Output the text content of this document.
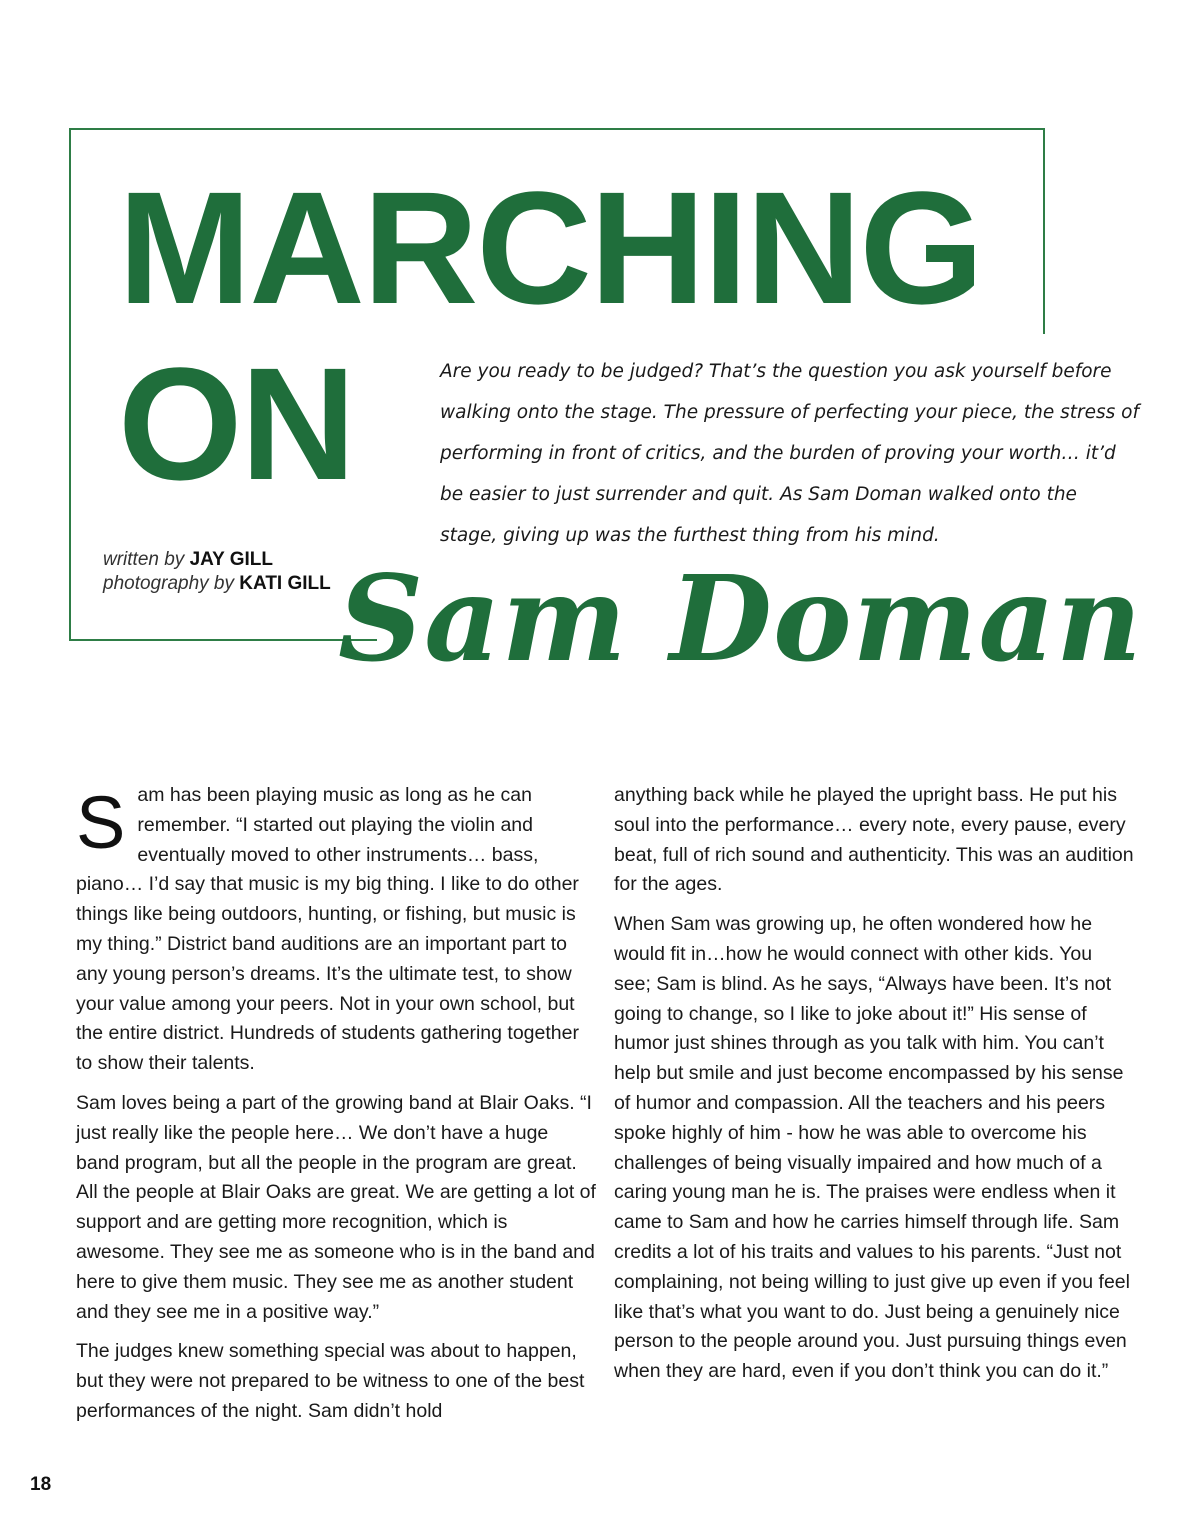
MARCHING
ON	Are you ready to be judged? That’s the question you ask yourself before walking onto the stage. The pressure of perfecting your piece, the stress of performing in front of critics, and the burden of proving your worth… it’d be easier to just surrender and quit. As Sam Doman walked onto the stage, giving up was the furthest thing from his mind.

written by JAY GILL
photography by KATI GILL Sam Doman

Sam has been playing music as long as he can remember. “I started out playing the violin and eventually moved to other instruments… bass, piano… I’d say that music is my big thing. I like to do other things like being outdoors, hunting, or fishing, but music is my thing.” District band auditions are an important part to any young person’s dreams. It’s the ultimate test, to show your value among your peers. Not in your own school, but the entire district. Hundreds of students gathering together to show their talents.

Sam loves being a part of the growing band at Blair Oaks. “I just really like the people here… We don’t have a huge band program, but all the people in the program are great. All the people at Blair Oaks are great. We are getting a lot of support and are getting more recognition, which is awesome. They see me as someone who is in the band and here to give them music. They see me as another student and they see me in a positive way.”

The judges knew something special was about to happen, but they were not prepared to be witness to one of the best performances of the night. Sam didn’t hold

anything back while he played the upright bass. He put his soul into the performance… every note, every pause, every beat, full of rich sound and authenticity. This was an audition for the ages.

When Sam was growing up, he often wondered how he would fit in…how he would connect with other kids. You see; Sam is blind. As he says, “Always have been. It’s not going to change, so I like to joke about it!” His sense of humor just shines through as you talk with him. You can’t help but smile and just become encompassed by his sense of humor and compassion. All the teachers and his peers spoke highly of him - how he was able to overcome his challenges of being visually impaired and how much of a caring young man he is. The praises were endless when it came to Sam and how he carries himself through life. Sam credits a lot of his traits and values to his parents. “Just not complaining, not being willing to just give up even if you feel like that’s what you want to do. Just being a genuinely nice person to the people around you. Just pursuing things even when they are hard, even if you don’t think you can do it.”

18
